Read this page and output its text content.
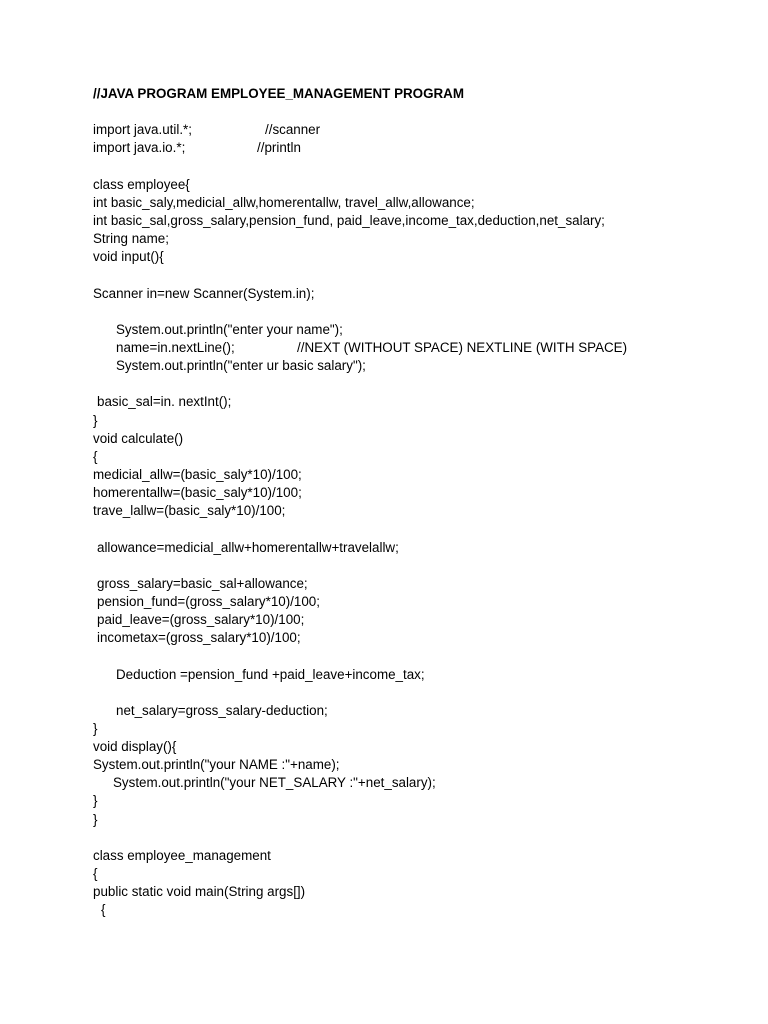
//JAVA PROGRAM EMPLOYEE_MANAGEMENT PROGRAM
import java.util.*;	//scanner
import java.io.*;	//println
class employee{
int basic_saly,medicial_allw,homerentallw, travel_allw,allowance;
int basic_sal,gross_salary,pension_fund, paid_leave,income_tax,deduction,net_salary;
String name;
void input(){
Scanner in=new Scanner(System.in);
System.out.println("enter your name");
name=in.nextLine();	//NEXT (WITHOUT SPACE) NEXTLINE (WITH SPACE)
System.out.println("enter ur basic salary");
basic_sal=in. nextInt();
}
void calculate()
{
medicial_allw=(basic_saly*10)/100;
homerentallw=(basic_saly*10)/100;
trave_lallw=(basic_saly*10)/100;
allowance=medicial_allw+homerentallw+travelallw;
gross_salary=basic_sal+allowance;
pension_fund=(gross_salary*10)/100;
paid_leave=(gross_salary*10)/100;
incometax=(gross_salary*10)/100;
Deduction =pension_fund +paid_leave+income_tax;
net_salary=gross_salary-deduction;
}
void display(){
System.out.println("your NAME :"+name);
System.out.println("your NET_SALARY :"+net_salary);
}
}
class employee_management
{
public static void main(String args[])
{
